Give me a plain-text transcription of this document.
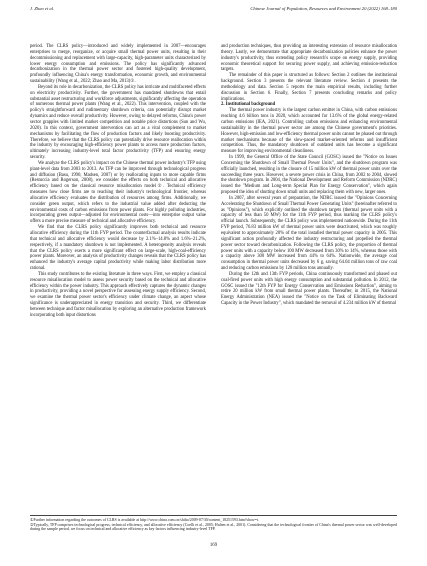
J. Zhao et al.	Chinese Journal of Population, Resources and Environment 20 (2022) 168–180

period. The CLRS policy—introduced and widely implemented in 2007—encourages enterprises to merge, reorganize, or acquire small thermal power units, resulting in their decommissioning and replacement with large-capacity, high-parameter units characterized by lower energy consumption and emissions. The policy has significantly advanced decarbonization in the thermal power sector and fostered high-quality development, profoundly influencing China's energy transformation, economic growth, and environmental sustainability (Wang et al., 2022; Zhao and Ma, 2013)①.

Beyond its role in decarbonization, the CLRS policy has intricate and multifaceted effects on electricity productivity. Further, the government has mandated shutdowns that entail substantial asset restructuring and workforce adjustments, significantly affecting the operation of numerous thermal power plants (Wang et al., 2022). This intervention, coupled with the policy's straightforward and rudimentary shutdown criteria, can potentially disrupt market dynamics and reduce overall productivity. However, owing to delayed reforms, China's power sector grapples with limited market competition and notable price distortions (Sun and Wu, 2020). In this context, government intervention can act as a vital complement to market mechanisms by facilitating the flow of production factors and likely boosting productivity. Therefore, we believe that the CLRS policy can potentially drive resource reallocation within the industry by encouraging high-efficiency power plants to access more production factors, ultimately increasing industry-level total factor productivity (TFP) and ensuring energy security.

We analyze the CLRS policy's impact on the Chinese thermal power industry's TFP using plant-level data from 2003 to 2013. As TFP can be improved through technological progress and diffusion (Basu, 1996; Madsen, 2007) or by reallocating inputs to more capable firms (Restuccia and Rogerson, 2008), we consider the effects on both technical and allocative efficiency based on the classical resource misallocation model②. Technical efficiency measures how close firms are to reaching their industry's technological frontier, whereas allocative efficiency evaluates the distribution of resources among firms. Additionally, we consider green output, which refers to the industrial value added after deducting the environmental costs of carbon emissions from power plants. For highly polluting industries, incorporating green output—adjusted for environmental costs—into enterprise output value offers a more precise measure of technical and allocative efficiency.

We find that the CLRS policy significantly improves both technical and resource allocative efficiency during the 11th FYP period. The counterfactual analysis results indicate that technical and allocative efficiency would decrease by 2.1%–14.8% and 1.6%–21.2%, respectively, if a mandatory shutdown is not implemented. A heterogeneity analysis reveals that the CLRS policy exerts a more significant effect on large-scale, high-coal-efficiency power plants. Moreover, an analysis of productivity changes reveals that the CLRS policy has enhanced the industry's average capital productivity while making labor distribution more rational.

This study contributes to the existing literature in three ways. First, we employ a classical resource misallocation model to assess power security based on the technical and allocative efficiency within the power industry. This approach effectively captures the dynamic changes in productivity, providing a novel perspective for assessing energy supply efficiency. Second, we examine the thermal power sector's efficiency under climate change, an aspect whose significance is underappreciated in energy transition and security. Third, we differentiate between technique and factor misallocation by exploring an alternative production framework incorporating both input distortions

and production techniques, thus providing an interesting extension of resource misallocation theory. Lastly, we demonstrate that appropriate decarbonization policies enhance the power industry's productivity, thus extending policy research's scope on energy supply, providing economic theoretical support for securing power supply, and achieving emission-reduction targets.

The remainder of this paper is structured as follows: Section 2 outlines the institutional background. Section 3 presents the relevant literature review. Section 4 presents the methodology and data. Section 5 reports the main empirical results, including further discussion in Section 6. Finally, Section 7 presents concluding remarks and policy implications.

2. Institutional background

The thermal power industry is the largest carbon emitter in China, with carbon emissions reaching 4.6 billion tons in 2020, which accounted for 13.6% of the global energy-related carbon emissions (IEA, 2021). Controlling carbon emissions and enhancing environmental sustainability in the thermal power sector are among the Chinese government's priorities. However, high-emission and low-efficiency thermal power units cannot be phased out through market mechanisms because of the slow-paced market-oriented reforms and insufficient competition. Thus, the mandatory shutdown of outdated units has become a significant measure for improving environmental cleanliness.

In 1999, the General Office of the State Council (GOSC) issued the "Notice on Issues Concerning the Shutdown of Small Thermal Power Units", and the shutdown program was officially launched, resulting in the closure of 15 million kW of thermal power units over the succeeding three years. However, a severe power crisis in China, from 2002 to 2004, slowed the shutdown program. In 2004, the National Development and Reform Commission (NDRC) issued the "Medium and Long-term Special Plan for Energy Conservation", which again proposed the idea of shutting down small units and replacing them with new, larger ones.

In 2007, after several years of preparation, the NDRC issued the "Opinions Concerning Accelerating the Shutdown of Small Thermal Power Generating Units" (hereinafter referred to as "Opinions"), which explicitly outlined the shutdown targets (thermal power units with a capacity of less than 50 MW) for the 11th FYP period, thus marking the CLRS policy's official launch. Subsequently, the CLRS policy was implemented nationwide. During the 11th FYP period, 76.83 million kW of thermal power units were deactivated, which was roughly equivalent to approximately 20% of the total installed thermal power capacity in 2005. This significant action profoundly affected the industry restructuring and propelled the thermal power sector toward decarbonization. Following the CLRS policy, the proportion of thermal power units with a capacity below 100 MW decreased from 30% to 14%, whereas those with a capacity above 300 MW increased from 44% to 64%. Nationwide, the average coal consumption in thermal power units decreased by 6 g, saving 64.04 million tons of raw coal and reducing carbon emissions by 128 million tons annually.

During the 12th and 13th FYP periods, China continuously transformed and phased out coal-fired power units with high energy consumption and substantial pollution. In 2012, the GOSC issued the "12th FYP for Energy Conservation and Emissions Reduction", aiming to retire 20 million kW from small thermal power plants. Thereafter, in 2015, the National Energy Administration (NEA) issued the "Notice on the Task of Eliminating Backward Capacity in the Power Industry", which mandated the removal of 4.234 million kW of thermal

①Further information regarding the outcomes of CLRS is available at http://www.china.com.cn/shiho/2009-07/30/content_18251593.htm?show=t.

②Typically, TFP comprises technological progress, technical efficiency, and allocative efficiency (Coelli et al., 2005; Hulten et al., 2001). Considering that the technological frontier of China's thermal power sector was well-developed during the sample period, we focus on technical and allocative efficiency as key factors influencing industry-level TFP.

169
